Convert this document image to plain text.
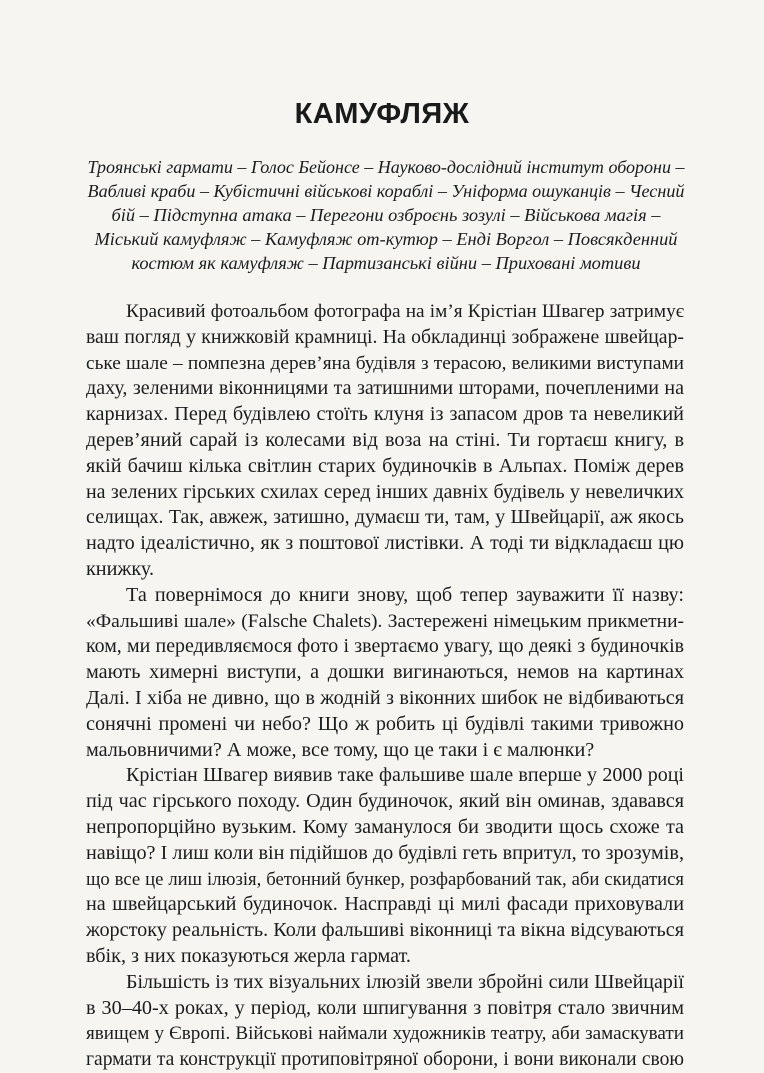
КАМУФЛЯЖ

Троянські гармати – Голос Бейонсе – Науково-дослідний інститут оборони –
Вабливі краби – Кубістичні військові кораблі – Уніформа ошуканців – Чесний
бій – Підступна атака – Перегони озброєнь зозулі – Військова магія –
Міський камуфляж – Камуфляж от-кутюр – Енді Воргол – Повсякденний
костюм як камуфляж – Партизанські війни – Приховані мотиви

Красивий фотоальбом фотографа на ім’я Крістіан Швагер затримує
ваш погляд у книжковій крамниці. На обкладинці зображене швейцар-
ське шале – помпезна дерев’яна будівля з терасою, великими виступами
даху, зеленими віконницями та затишними шторами, почепленими на
карнизах. Перед будівлею стоїть клуня із запасом дров та невеликий
дерев’яний сарай із колесами від воза на стіні. Ти гортаєш книгу, в
якій бачиш кілька світлин старих будиночків в Альпах. Поміж дерев
на зелених гірських схилах серед інших давніх будівель у невеличких
селищах. Так, авжеж, затишно, думаєш ти, там, у Швейцарії, аж якось
надто ідеалістично, як з поштової листівки. А тоді ти відкладаєш цю
книжку.
Та повернімося до книги знову, щоб тепер зауважити її назву:
«Фальшиві шале» (Falsche Chalets). Застережені німецьким прикметни-
ком, ми передивляємося фото і звертаємо увагу, що деякі з будиночків
мають химерні виступи, а дошки вигинаються, немов на картинах
Далі. І хіба не дивно, що в жодній з віконних шибок не відбиваються
сонячні промені чи небо? Що ж робить ці будівлі такими тривожно
мальовничими? А може, все тому, що це таки і є малюнки?
Крістіан Швагер виявив таке фальшиве шале вперше у 2000 році
під час гірського походу. Один будиночок, який він оминав, здавався
непропорційно вузьким. Кому заманулося би зводити щось схоже та
навіщо? І лиш коли він підійшов до будівлі геть впритул, то зрозумів,
що все це лиш ілюзія, бетонний бункер, розфарбований так, аби скидатися
на швейцарський будиночок. Насправді ці милі фасади приховували
жорстоку реальність. Коли фальшиві віконниці та вікна відсуваються
вбік, з них показуються жерла гармат.
Більшість із тих візуальних ілюзій звели збройні сили Швейцарії
в 30–40-х роках, у період, коли шпигування з повітря стало звичним
явищем у Європі. Військові наймали художників театру, аби замаскувати
гармати та конструкції протиповітряної оборони, і вони виконали свою
